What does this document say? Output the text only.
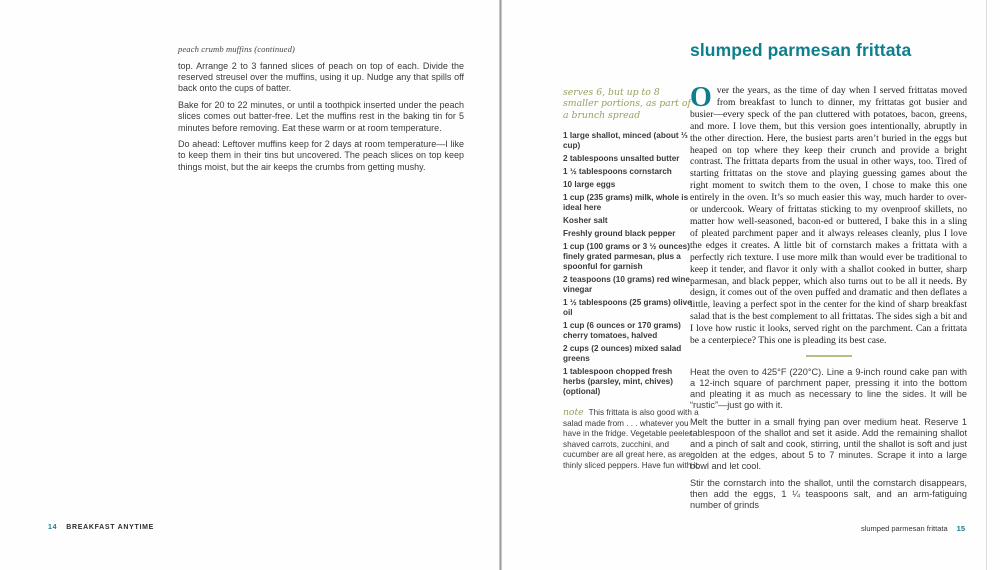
peach crumb muffins (continued)

top. Arrange 2 to 3 fanned slices of peach on top of each. Divide the reserved streusel over the muffins, using it up. Nudge any that spills off back onto the cups of batter.

Bake for 20 to 22 minutes, or until a toothpick inserted under the peach slices comes out batter-free. Let the muffins rest in the baking tin for 5 minutes before removing. Eat these warm or at room temperature.

Do ahead: Leftover muffins keep for 2 days at room temperature—I like to keep them in their tins but uncovered. The peach slices on top keep things moist, but the air keeps the crumbs from getting mushy.

14 BREAKFAST ANYTIME
slumped parmesan frittata

serves 6, but up to 8 smaller portions, as part of a brunch spread

1 large shallot, minced (about ⅓ cup)
2 tablespoons unsalted butter
1 ½ tablespoons cornstarch
10 large eggs
1 cup (235 grams) milk, whole is ideal here
Kosher salt
Freshly ground black pepper
1 cup (100 grams or 3 ½ ounces) finely grated parmesan, plus a spoonful for garnish
2 teaspoons (10 grams) red wine vinegar
1 ½ tablespoons (25 grams) olive oil
1 cup (6 ounces or 170 grams) cherry tomatoes, halved
2 cups (2 ounces) mixed salad greens
1 tablespoon chopped fresh herbs (parsley, mint, chives) (optional)
note This frittata is also good with a salad made from . . . whatever you have in the fridge. Vegetable peeler shaved carrots, zucchini, and cucumber are all great here, as are thinly sliced peppers. Have fun with it.

Over the years, as the time of day when I served frittatas moved from breakfast to lunch to dinner, my frittatas got busier and busier—every speck of the pan cluttered with potatoes, bacon, greens, and more. I love them, but this version goes intentionally, abruptly in the other direction. Here, the busiest parts aren’t buried in the eggs but heaped on top where they keep their crunch and provide a bright contrast. The frittata departs from the usual in other ways, too. Tired of starting frittatas on the stove and playing guessing games about the right moment to switch them to the oven, I chose to make this one entirely in the oven. It’s so much easier this way, much harder to over- or undercook. Weary of frittatas sticking to my ovenproof skillets, no matter how well-seasoned, bacon-ed or buttered, I bake this in a sling of pleated parchment paper and it always releases cleanly, plus I love the edges it creates. A little bit of cornstarch makes a frittata with a perfectly rich texture. I use more milk than would ever be traditional to keep it tender, and flavor it only with a shallot cooked in butter, sharp parmesan, and black pepper, which also turns out to be all it needs. By design, it comes out of the oven puffed and dramatic and then deflates a little, leaving a perfect spot in the center for the kind of sharp breakfast salad that is the best complement to all frittatas. The sides sigh a bit and I love how rustic it looks, served right on the parchment. Can a frittata be a centerpiece? This one is pleading its best case.

Heat the oven to 425°F (220°C). Line a 9-inch round cake pan with a 12-inch square of parchment paper, pressing it into the bottom and pleating it as much as necessary to line the sides. It will be “rustic”—just go with it.

Melt the butter in a small frying pan over medium heat. Reserve 1 tablespoon of the shallot and set it aside. Add the remaining shallot and a pinch of salt and cook, stirring, until the shallot is soft and just golden at the edges, about 5 to 7 minutes. Scrape it into a large bowl and let cool.

Stir the cornstarch into the shallot, until the cornstarch disappears, then add the eggs, 1 ¼ teaspoons salt, and an arm-fatiguing number of grinds

slumped parmesan frittata 15
